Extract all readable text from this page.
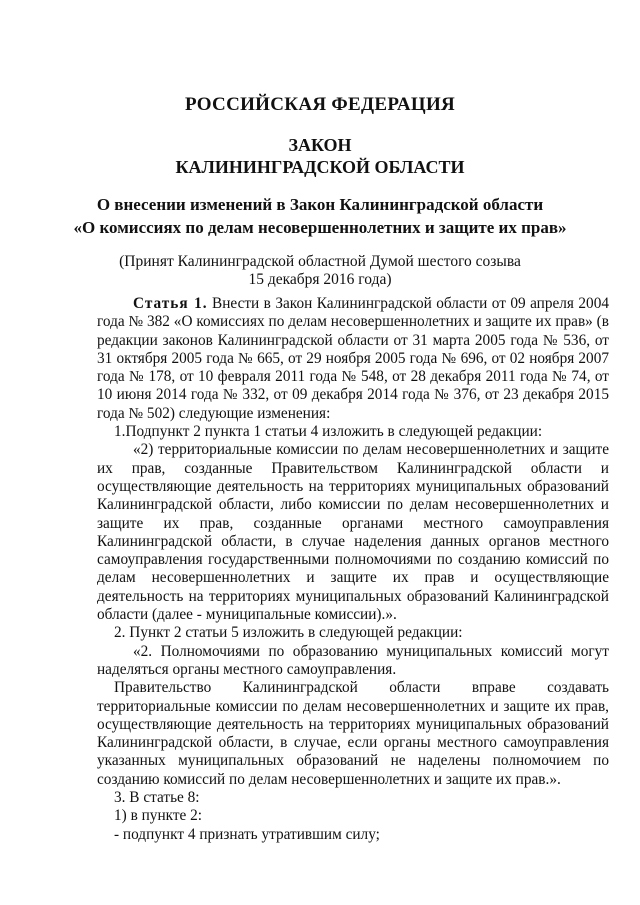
РОССИЙСКАЯ ФЕДЕРАЦИЯ
ЗАКОН
КАЛИНИНГРАДСКОЙ ОБЛАСТИ
О внесении изменений в Закон Калининградской области
«О комиссиях по делам несовершеннолетних и защите их прав»
(Принят Калининградской областной Думой шестого созыва
15 декабря 2016 года)

Статья 1. Внести в Закон Калининградской области от 09 апреля 2004 года № 382 «О комиссиях по делам несовершеннолетних и защите их прав» (в редакции законов Калининградской области от 31 марта 2005 года № 536, от 31 октября 2005 года № 665, от 29 ноября 2005 года № 696, от 02 ноября 2007 года № 178, от 10 февраля 2011 года № 548, от 28 декабря 2011 года № 74, от 10 июня 2014 года № 332, от 09 декабря 2014 года № 376, от 23 декабря 2015 года № 502) следующие изменения:

1.Подпункт 2 пункта 1 статьи 4 изложить в следующей редакции:

«2) территориальные комиссии по делам несовершеннолетних и защите их прав, созданные Правительством Калининградской области и осуществляющие деятельность на территориях муниципальных образований Калининградской области, либо комиссии по делам несовершеннолетних и защите их прав, созданные органами местного самоуправления Калининградской области, в случае наделения данных органов местного самоуправления государственными полномочиями по созданию комиссий по делам несовершеннолетних и защите их прав и осуществляющие деятельность на территориях муниципальных образований Калининградской области (далее - муниципальные комиссии).».

2. Пункт 2 статьи 5 изложить в следующей редакции:

«2. Полномочиями по образованию муниципальных комиссий могут наделяться органы местного самоуправления.

Правительство Калининградской области вправе создавать территориальные комиссии по делам несовершеннолетних и защите их прав, осуществляющие деятельность на территориях муниципальных образований Калининградской области, в случае, если органы местного самоуправления указанных муниципальных образований не наделены полномочием по созданию комиссий по делам несовершеннолетних и защите их прав.».

3. В статье 8:

1) в пункте 2:

- подпункт 4 признать утратившим силу;
